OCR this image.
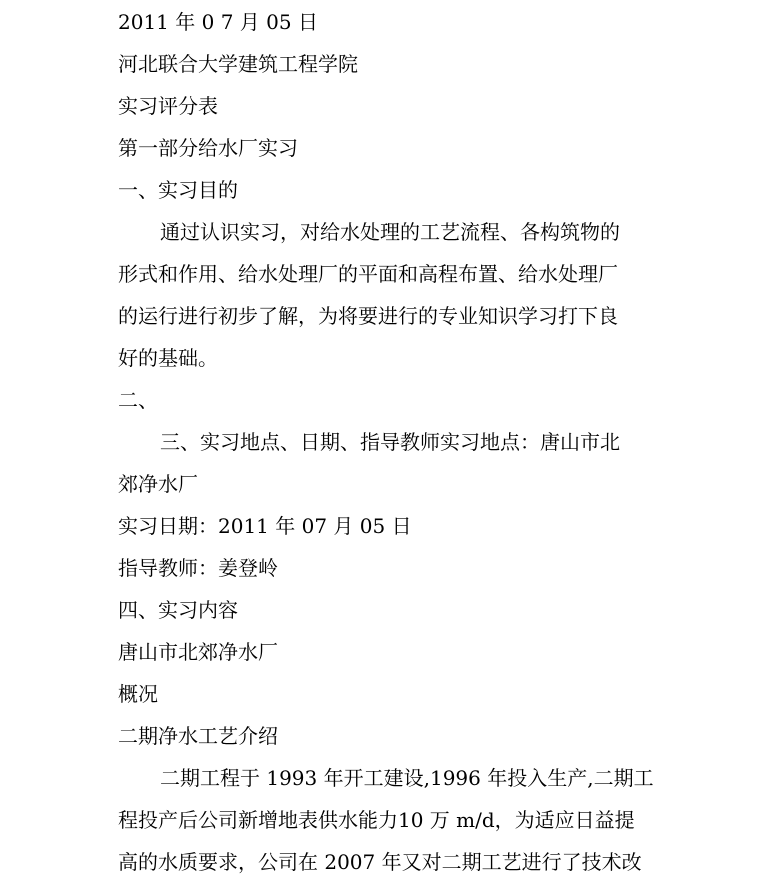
2011 年 0 7 月 05 日
河北联合大学建筑工程学院
实习评分表
第一部分给水厂实习
一、实习目的
通过认识实习，对给水处理的工艺流程、各构筑物的
形式和作用、给水处理厂的平面和高程布置、给水处理厂
的运行进行初步了解，为将要进行的专业知识学习打下良
好的基础。
二、
三、实习地点、日期、指导教师实习地点：唐山市北
郊净水厂
实习日期：2011 年 07 月 05 日
指导教师：姜登岭
四、实习内容
唐山市北郊净水厂
概况
二期净水工艺介绍
二期工程于 1993 年开工建设,1996 年投入生产,二期工
程投产后公司新增地表供水能力10 万 m/d，为适应日益提
高的水质要求，公司在 2007 年又对二期工艺进行了技术改
